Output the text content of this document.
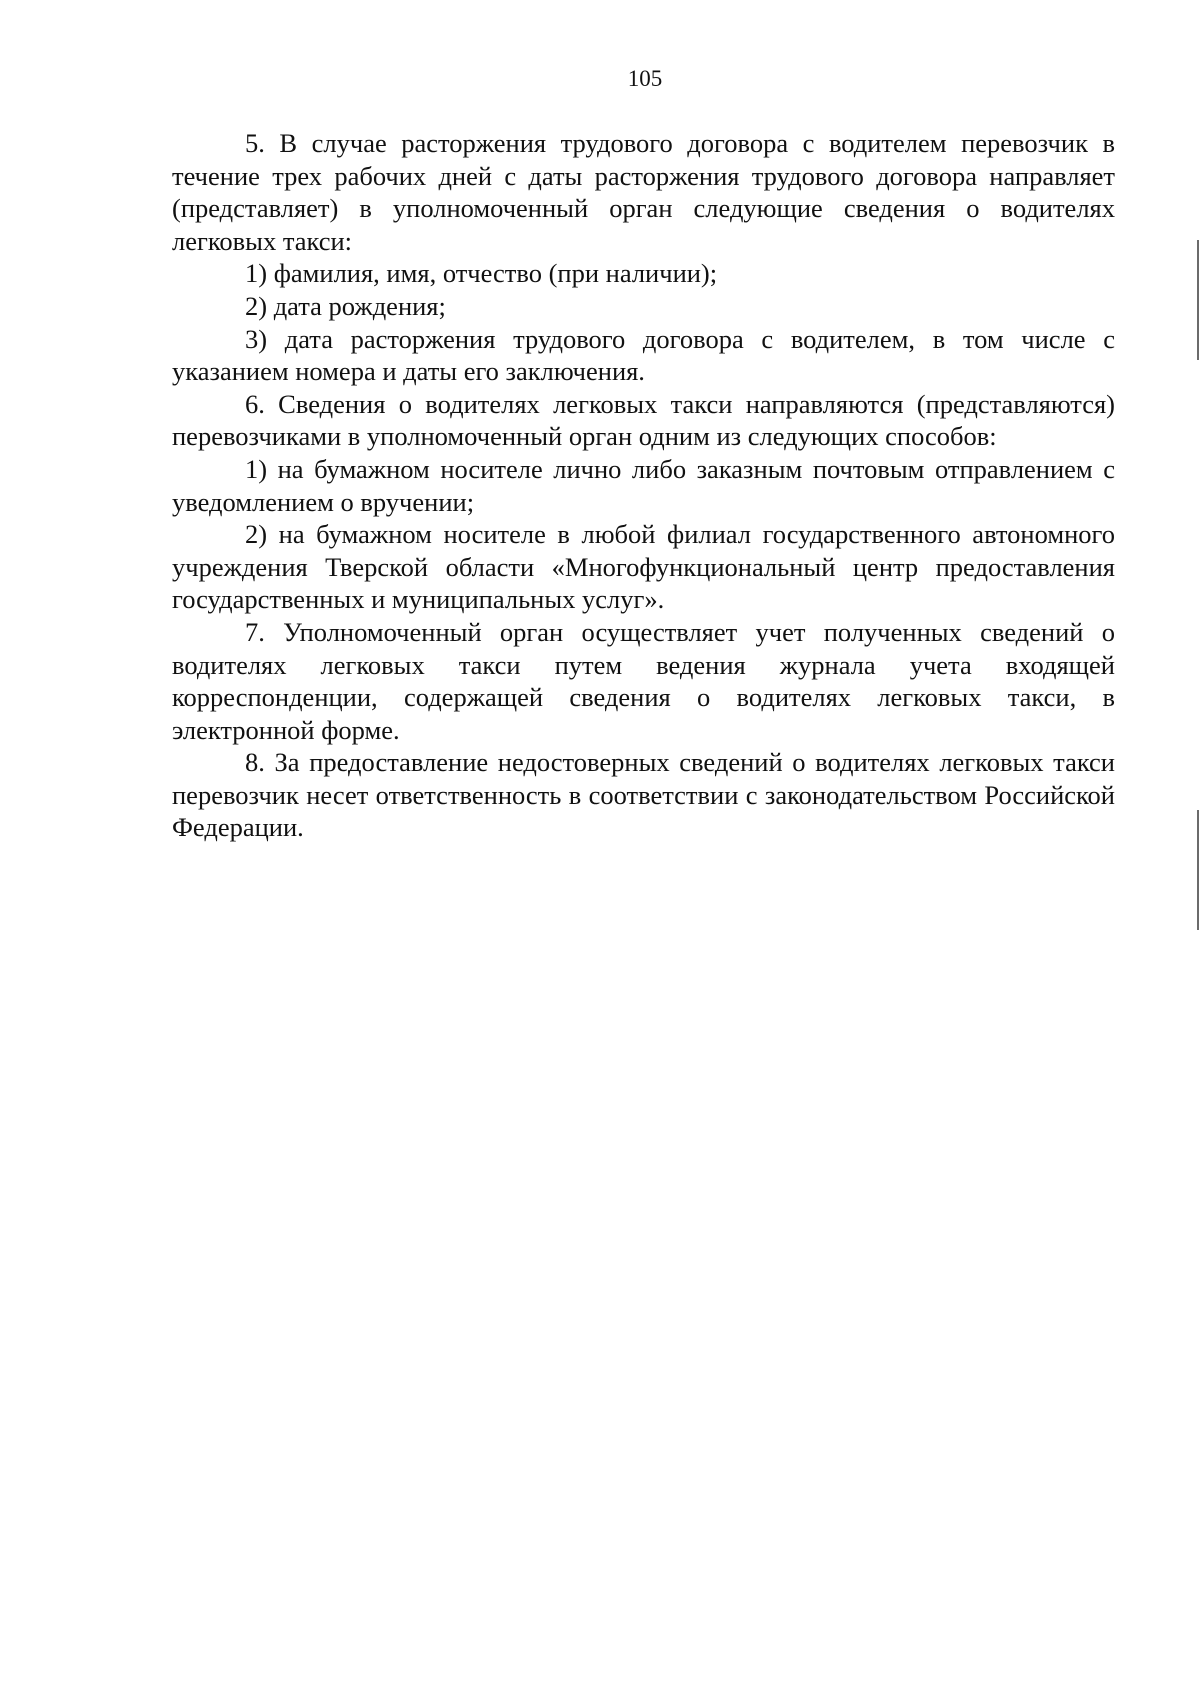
105

5. В случае расторжения трудового договора с водителем перевозчик в течение трех рабочих дней с даты расторжения трудового договора направляет (представляет) в уполномоченный орган следующие сведения о водителях легковых такси:

1) фамилия, имя, отчество (при наличии);

2) дата рождения;

3) дата расторжения трудового договора с водителем, в том числе с указанием номера и даты его заключения.

6. Сведения о водителях легковых такси направляются (представляются) перевозчиками в уполномоченный орган одним из следующих способов:

1) на бумажном носителе лично либо заказным почтовым отправлением с уведомлением о вручении;

2) на бумажном носителе в любой филиал государственного автономного учреждения Тверской области «Многофункциональный центр предоставления государственных и муниципальных услуг».

7. Уполномоченный орган осуществляет учет полученных сведений о водителях легковых такси путем ведения журнала учета входящей корреспонденции, содержащей сведения о водителях легковых такси, в электронной форме.

8. За предоставление недостоверных сведений о водителях легковых такси перевозчик несет ответственность в соответствии с законодательством Российской Федерации.
